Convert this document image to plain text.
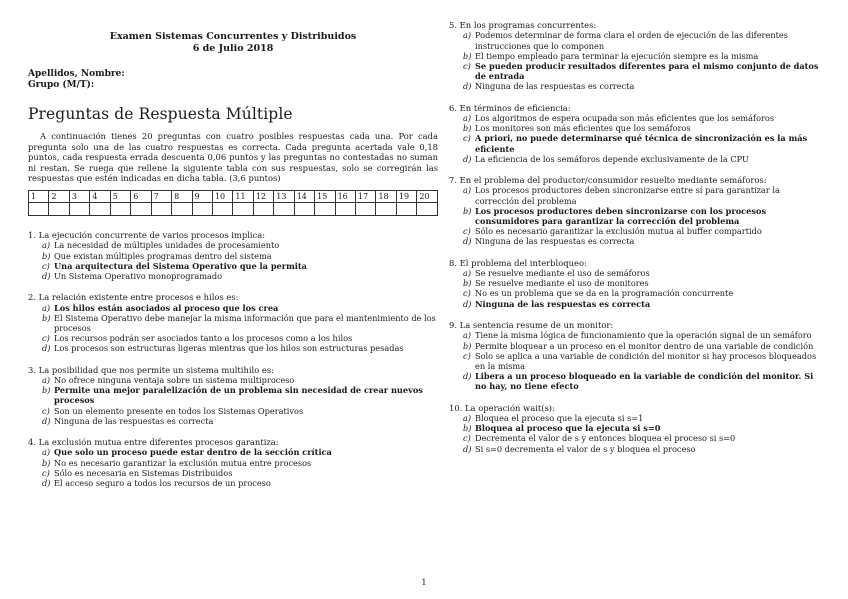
Examen Sistemas Concurrentes y Distribuidos
6 de Julio 2018
Apellidos, Nombre:
Grupo (M/T):
Preguntas de Respuesta Múltiple
A continuación tienes 20 preguntas con cuatro posibles respuestas cada una. Por cada pregunta solo una de las cuatro respuestas es correcta. Cada pregunta acertada vale 0,18 puntos, cada respuesta errada descuenta 0,06 puntos y las preguntas no contestadas no suman ni restan. Se ruega que rellene la siguiente tabla con sus respuestas, solo se corregirán las respuestas que estén indicadas en dicha tabla. (3,6 puntos)
1	2	3	4	5	6	7	8	9	10	11	12	13	14	15	16	17	18	19	20

1. La ejecución concurrente de varios procesos implica:
a) La necesidad de múltiples unidades de procesamiento
b) Que existan múltiples programas dentro del sistema
c) Una arquitectura del Sistema Operativo que la permita
d) Un Sistema Operativo monoprogramado
2. La relación existente entre procesos e hilos es:
a) Los hilos están asociados al proceso que los crea
b) El Sistema Operativo debe manejar la misma información que para el mantenimiento de los procesos
c) Los recursos podrán ser asociados tanto a los procesos como a los hilos
d) Los procesos son estructuras ligeras mientras que los hilos son estructuras pesadas
3. La posibilidad que nos permite un sistema multihilo es:
a) No ofrece ninguna ventaja sobre un sistema multiproceso
b) Permite una mejor paralelización de un problema sin necesidad de crear nuevos procesos
c) Son un elemento presente en todos los Sistemas Operativos
d) Ninguna de las respuestas es correcta
4. La exclusión mutua entre diferentes procesos garantiza:
a) Que solo un proceso puede estar dentro de la sección crítica
b) No es necesario garantizar la exclusión mutua entre procesos
c) Sólo es necesaria en Sistemas Distribuidos
d) El acceso seguro a todos los recursos de un proceso
5. En los programas concurrentes:
a) Podemos determinar de forma clara el orden de ejecución de las diferentes instrucciones que lo componen
b) El tiempo empleado para terminar la ejecución siempre es la misma
c) Se pueden producir resultados diferentes para el mismo conjunto de datos de entrada
d) Ninguna de las respuestas es correcta
6. En términos de eficiencia:
a) Los algoritmos de espera ocupada son más eficientes que los semáforos
b) Los monitores son más eficientes que los semáforos
c) A priori, no puede determinarse qué técnica de sincronización es la más eficiente
d) La eficiencia de los semáforos depende exclusivamente de la CPU
7. En el problema del productor/consumidor resuelto mediante semáforos:
a) Los procesos productores deben sincronizarse entre sí para garantizar la corrección del problema
b) Los procesos productores deben sincronizarse con los procesos consumidores para garantizar la corrección del problema
c) Sólo es necesario garantizar la exclusión mutua al buffer compartido
d) Ninguna de las respuestas es correcta
8. El problema del interbloqueo:
a) Se resuelve mediante el uso de semáforos
b) Se resuelve mediante el uso de monitores
c) No es un problema que se da en la programación concurrente
d) Ninguna de las respuestas es correcta
9. La sentencia resume de un monitor:
a) Tiene la misma lógica de funcionamiento que la operación signal de un semáforo
b) Permite bloquear a un proceso en el monitor dentro de una variable de condición
c) Solo se aplica a una variable de condición del monitor si hay procesos bloqueados en la misma
d) Libera a un proceso bloqueado en la variable de condición del monitor. Si no hay, no tiene efecto
10. La operación wait(s):
a) Bloquea el proceso que la ejecuta si s=1
b) Bloquea al proceso que la ejecuta si s=0
c) Decrementa el valor de s y entonces bloquea el proceso si s=0
d) Si s=0 decrementa el valor de s y bloquea el proceso
1
